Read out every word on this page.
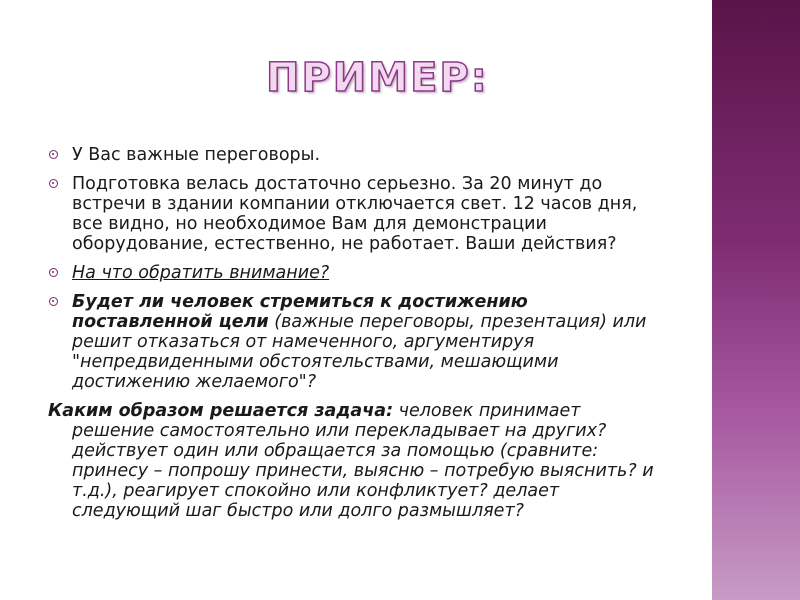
ПРИМЕР:
У Вас важные переговоры.
Подготовка велась достаточно серьезно. За 20 минут до встречи в здании компании отключается свет. 12 часов дня, все видно, но необходимое Вам для демонстрации оборудование, естественно, не работает. Ваши действия?
На что обратить внимание?
Будет ли человек стремиться к достижению поставленной цели (важные переговоры, презентация) или решит отказаться от намеченного, аргументируя "непредвиденными обстоятельствами, мешающими достижению желаемого"?
Каким образом решается задача: человек принимает решение самостоятельно или перекладывает на других? действует один или обращается за помощью (сравните: принесу – попрошу принести, выясню – потребую выяснить? и т.д.), реагирует спокойно или конфликтует? делает следующий шаг быстро или долго размышляет?
